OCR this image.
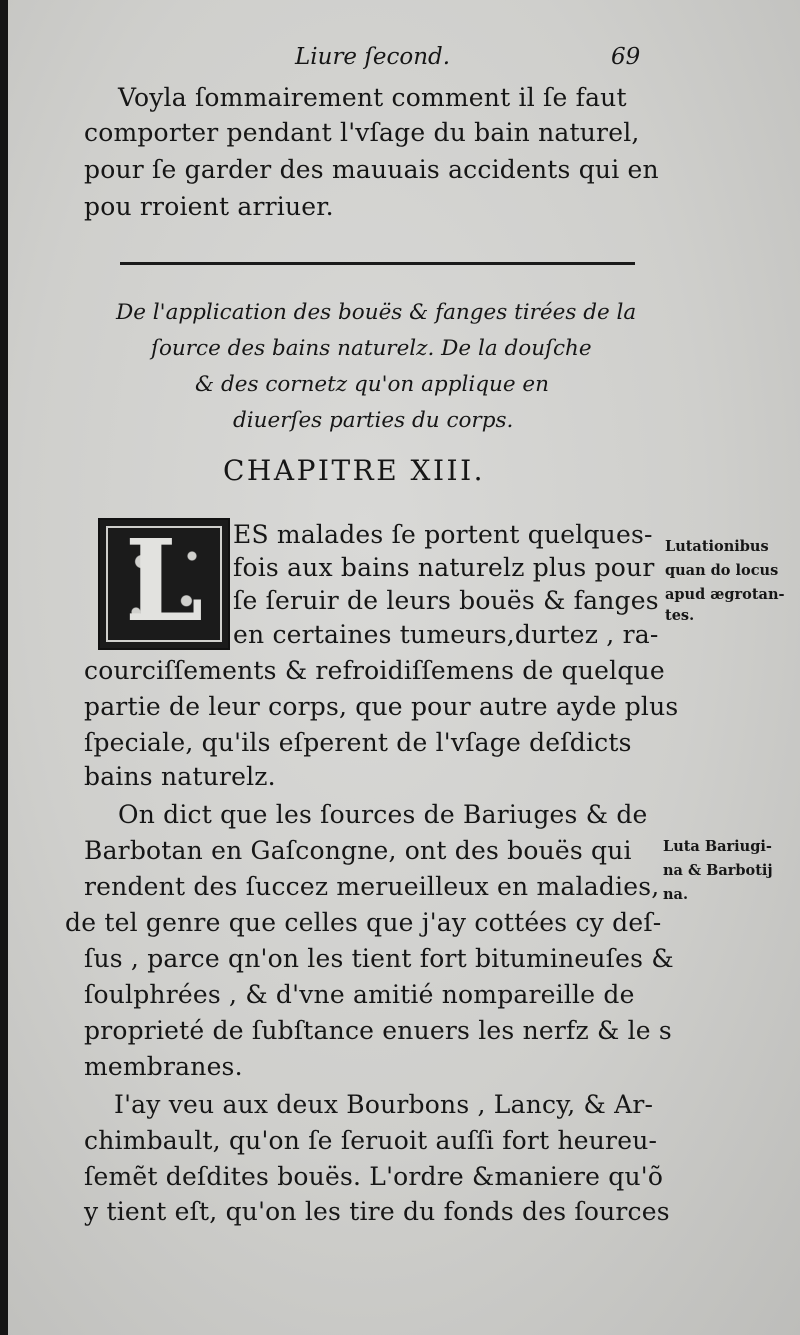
Liure ſecond.	69
Voyla ſommairement comment il ſe faut
comporter pendant l'vſage du bain naturel,
pour ſe garder des mauuais accidents qui en
pou rroient arriuer.
De l'application des bouës & fanges tirées de la
ſource des bains naturelz. De la douſche
& des cornetz qu'on applique en
diuerſes parties du corps.
CHAPITRE XIII.
L	ES malades ſe portent quelques-
fois aux bains naturelz plus pour
ſe ſeruir de leurs bouës & fanges
en certaines tumeurs,durtez , ra-
courciſſements & refroidiſſemens de quelque
partie de leur corps, que pour autre ayde plus
ſpeciale, qu'ils eſperent de l'vſage deſdicts
bains naturelz.
On dict que les ſources de Bariuges & de
Barbotan en Gaſcongne, ont des bouës qui
rendent des ſuccez merueilleux en maladies,
de tel genre que celles que j'ay cottées cy deſ-
ſus , parce qn'on les tient fort bitumineuſes &
ſoulphrées , & d'vne amitié nompareille de
proprieté de ſubſtance enuers les nerfz & le s
membranes.
I'ay veu aux deux Bourbons , Lancy, & Ar-
chimbault, qu'on ſe ſeruoit auſſi fort heureu-
ſemẽt deſdites bouës. L'ordre &maniere qu'õ
y tient eſt, qu'on les tire du fonds des ſources
Lutationibus
quan do locus
apud ægrotan-
tes.
Luta Bariugi-
na & Barbotij
na.
